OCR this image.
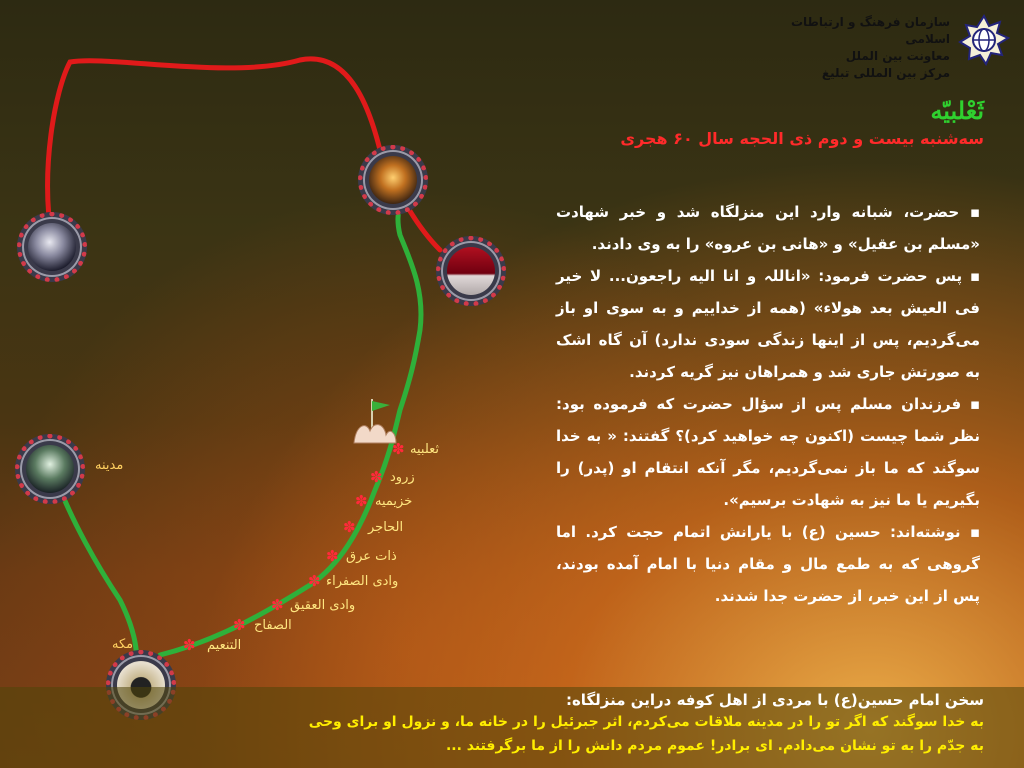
✽
✽
✽
✽
✽
✽
✽
✽
✽
مدینه
مکه
ثعلبیه
زرود
خزیمیه
الحاجر
ذات عرق
وادی الصفراء
وادی العقیق
الصفاح
التنعیم
سازمان فرهنگ و ارتباطات اسلامی
معاونت بین الملل
مرکز بین المللی تبلیغ
ثَعْلبیّه
سه‌شنبه بیست و دوم ذی الحجه سال ۶۰ هجری

▪ حضرت، شبانه وارد این منزلگاه شد و خبر شهادت «مسلم بن عقیل» و «هانی بن عروه» را به وی دادند.

▪ پس حضرت فرمود: «اناللہ و انا الیه راجعون... لا خیر فی العیش بعد هولاء» (همه از خداییم و به سوی او باز می‌گردیم، پس از اینها زندگی سودی ندارد) آن گاه اشک به صورتش جاری شد و همراهان نیز گریه کردند.

▪ فرزندان مسلم پس از سؤال حضرت که فرموده بود: نظر شما چیست (اکنون چه خواهید کرد)؟ گفتند: « به خدا سوگند که ما باز نمی‌گردیم، مگر آنکه انتقام او (پدر) را بگیریم یا ما نیز به شهادت برسیم».

▪ نوشته‌اند: حسین (ع) با یارانش اتمام حجت کرد. اما گروهی که به طمع مال و مقام دنیا با امام آمده بودند، پس از این خبر، از حضرت جدا شدند.

سخن امام حسین(ع) با مردی از اهل کوفه دراین منزلگاه:
به خدا سوگند که اگر تو را در مدینه ملاقات می‌کردم، اثر جبرئیل را در خانه ما، و نزول او برای وحی
به جدّم را به تو نشان می‌دادم. ای برادر! عموم مردم دانش را از ما برگرفتند ...
